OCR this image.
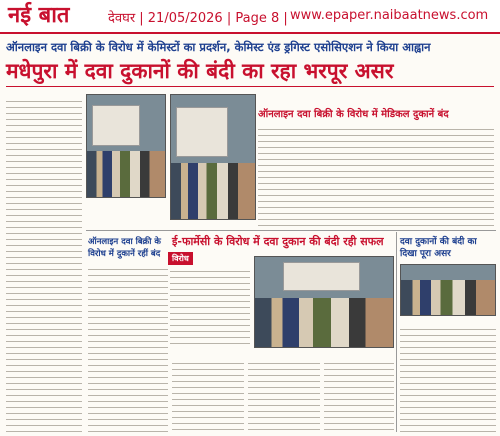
नई बात	देवघर | 21/05/2026 | Page 8 | www.epaper.naibaatnews.com
ऑनलाइन दवा बिक्री के विरोध में केमिस्टों का प्रदर्शन, केमिस्ट एंड ड्रगिस्ट एसोसिएशन ने किया आह्वान
मधेपुरा में दवा दुकानों की बंदी का रहा भरपूर असर
ऑनलाइन दवा बिक्री के विरोध में मेडिकल दुकानें बंद
ऑनलाइन दवा बिक्री के विरोध में दुकानें रहीं बंद	विरोध
ई-फार्मेसी के विरोध में दवा दुकान की बंदी रही सफल	दवा दुकानों की बंदी का दिखा पूरा असर
